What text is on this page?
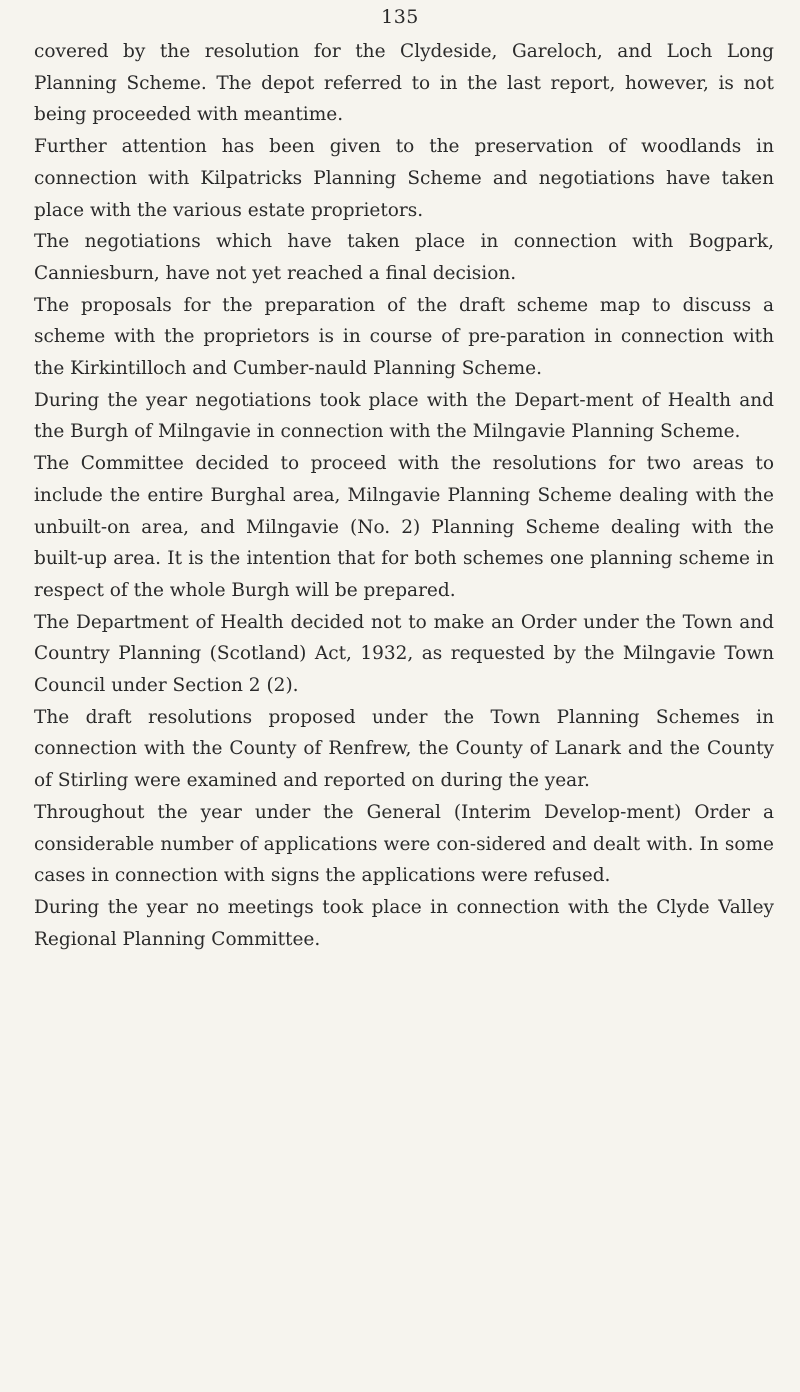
135

covered by the resolution for the Clydeside, Gareloch, and Loch Long Planning Scheme. The depot referred to in the last report, however, is not being proceeded with meantime.

Further attention has been given to the preservation of woodlands in connection with Kilpatricks Planning Scheme and negotiations have taken place with the various estate proprietors.

The negotiations which have taken place in connection with Bogpark, Canniesburn, have not yet reached a final decision.

The proposals for the preparation of the draft scheme map to discuss a scheme with the proprietors is in course of pre-paration in connection with the Kirkintilloch and Cumber-nauld Planning Scheme.

During the year negotiations took place with the Depart-ment of Health and the Burgh of Milngavie in connection with the Milngavie Planning Scheme.

The Committee decided to proceed with the resolutions for two areas to include the entire Burghal area, Milngavie Planning Scheme dealing with the unbuilt-on area, and Milngavie (No. 2) Planning Scheme dealing with the built-up area. It is the intention that for both schemes one planning scheme in respect of the whole Burgh will be prepared.

The Department of Health decided not to make an Order under the Town and Country Planning (Scotland) Act, 1932, as requested by the Milngavie Town Council under Section 2 (2).

The draft resolutions proposed under the Town Planning Schemes in connection with the County of Renfrew, the County of Lanark and the County of Stirling were examined and reported on during the year.

Throughout the year under the General (Interim Develop-ment) Order a considerable number of applications were con-sidered and dealt with. In some cases in connection with signs the applications were refused.

During the year no meetings took place in connection with the Clyde Valley Regional Planning Committee.
